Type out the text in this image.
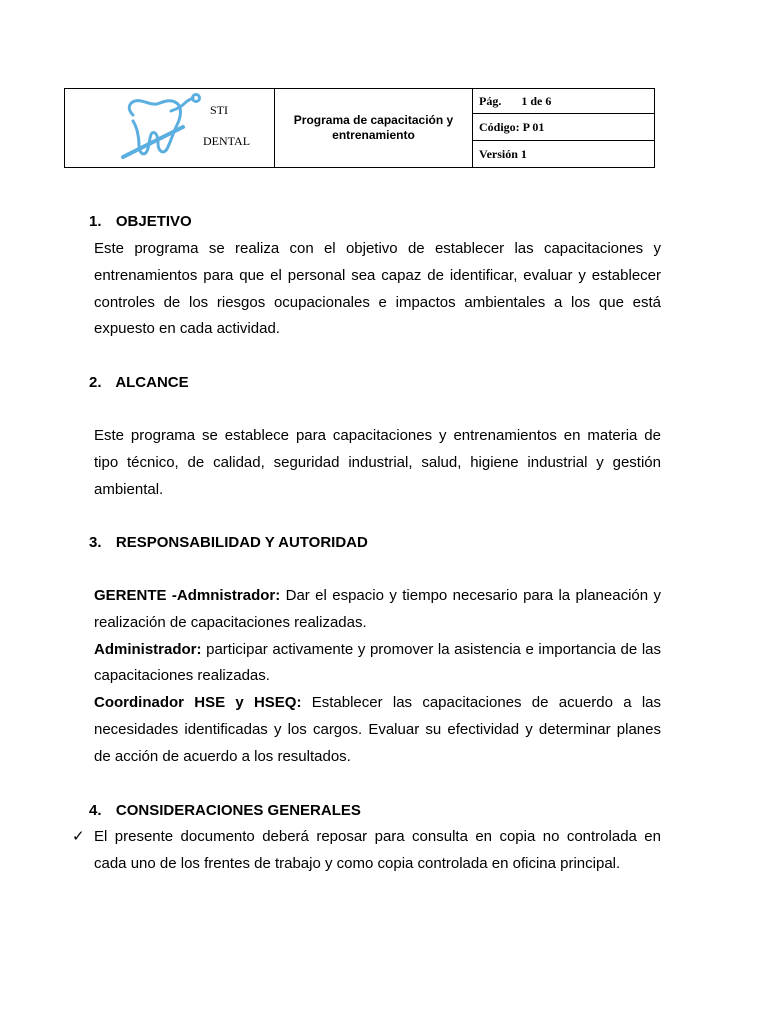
STI
DENTAL
	Programa de capacitación y entrenamiento	Pág. 1 de 6
Código: P 01
Versión 1
1. OBJETIVO
Este programa se realiza con el objetivo de establecer las capacitaciones y entrenamientos para que el personal sea capaz de identificar, evaluar y establecer controles de los riesgos ocupacionales e impactos ambientales a los que está expuesto en cada actividad.
2. ALCANCE
Este programa se establece para capacitaciones y entrenamientos en materia de tipo técnico, de calidad, seguridad industrial, salud, higiene industrial y gestión ambiental.
3. RESPONSABILIDAD Y AUTORIDAD
GERENTE -Admnistrador: Dar el espacio y tiempo necesario para la planeación y realización de capacitaciones realizadas.
Administrador: participar activamente y promover la asistencia e importancia de las capacitaciones realizadas.
Coordinador HSE y HSEQ: Establecer las capacitaciones de acuerdo a las necesidades identificadas y los cargos. Evaluar su efectividad y determinar planes de acción de acuerdo a los resultados.
4. CONSIDERACIONES GENERALES
✓ El presente documento deberá reposar para consulta en copia no controlada en cada uno de los frentes de trabajo y como copia controlada en oficina principal.
